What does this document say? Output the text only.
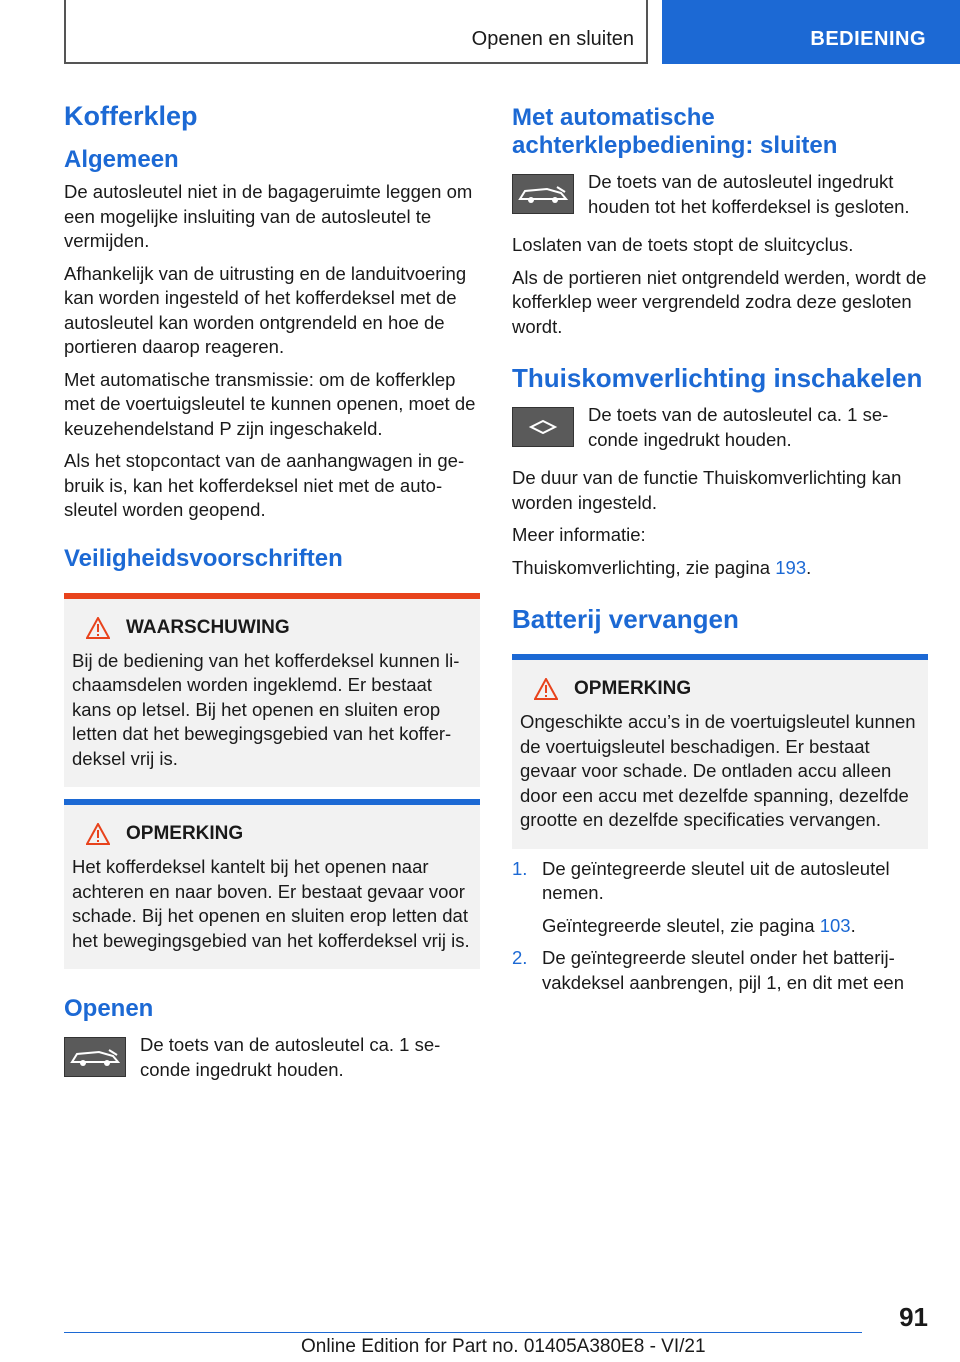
Openen en sluiten	BEDIENING
Kofferklep
Algemeen

De autosleutel niet in de bagageruimte leggen om een mogelijke insluiting van de autosleutel te vermijden.

Afhankelijk van de uitrusting en de landuitvoering kan worden ingesteld of het kofferdeksel met de autosleutel kan worden ontgrendeld en hoe de portieren daarop reageren.

Met automatische transmissie: om de kofferklep met de voertuigsleutel te kunnen openen, moet de keuzehendelstand P zijn ingeschakeld.

Als het stopcontact van de aanhangwagen in gebruik is, kan het kofferdeksel niet met de autosleutel worden geopend.

Veiligheidsvoorschriften
WAARSCHUWING

Bij de bediening van het kofferdeksel kunnen lichaamsdelen worden ingeklemd. Er bestaat kans op letsel. Bij het openen en sluiten erop letten dat het bewegingsgebied van het kofferdeksel vrij is.

OPMERKING

Het kofferdeksel kantelt bij het openen naar achteren en naar boven. Er bestaat gevaar voor schade. Bij het openen en sluiten erop letten dat het bewegingsgebied van het kofferdeksel vrij is.

Openen

De toets van de autosleutel ca. 1 seconde ingedrukt houden.

Met automatische achterklepbediening: sluiten

De toets van de autosleutel ingedrukt houden tot het kofferdeksel is gesloten.

Loslaten van de toets stopt de sluitcyclus.

Als de portieren niet ontgrendeld werden, wordt de kofferklep weer vergrendeld zodra deze gesloten wordt.

Thuiskomverlichting inschakelen

De toets van de autosleutel ca. 1 seconde ingedrukt houden.

De duur van de functie Thuiskomverlichting kan worden ingesteld.

Meer informatie:

Thuiskomverlichting, zie pagina 193.

Batterij vervangen
OPMERKING

Ongeschikte accu’s in de voertuigsleutel kunnen de voertuigsleutel beschadigen. Er bestaat gevaar voor schade. De ontladen accu alleen door een accu met dezelfde spanning, dezelfde grootte en dezelfde specificaties vervangen.

1. De geïntegreerde sleutel uit de autosleutel nemen.
Geïntegreerde sleutel, zie pagina 103.
2. De geïntegreerde sleutel onder het batterijvakdeksel aanbrengen, pijl 1, en dit met een
91
Online Edition for Part no. 01405A380E8 - VI/21
